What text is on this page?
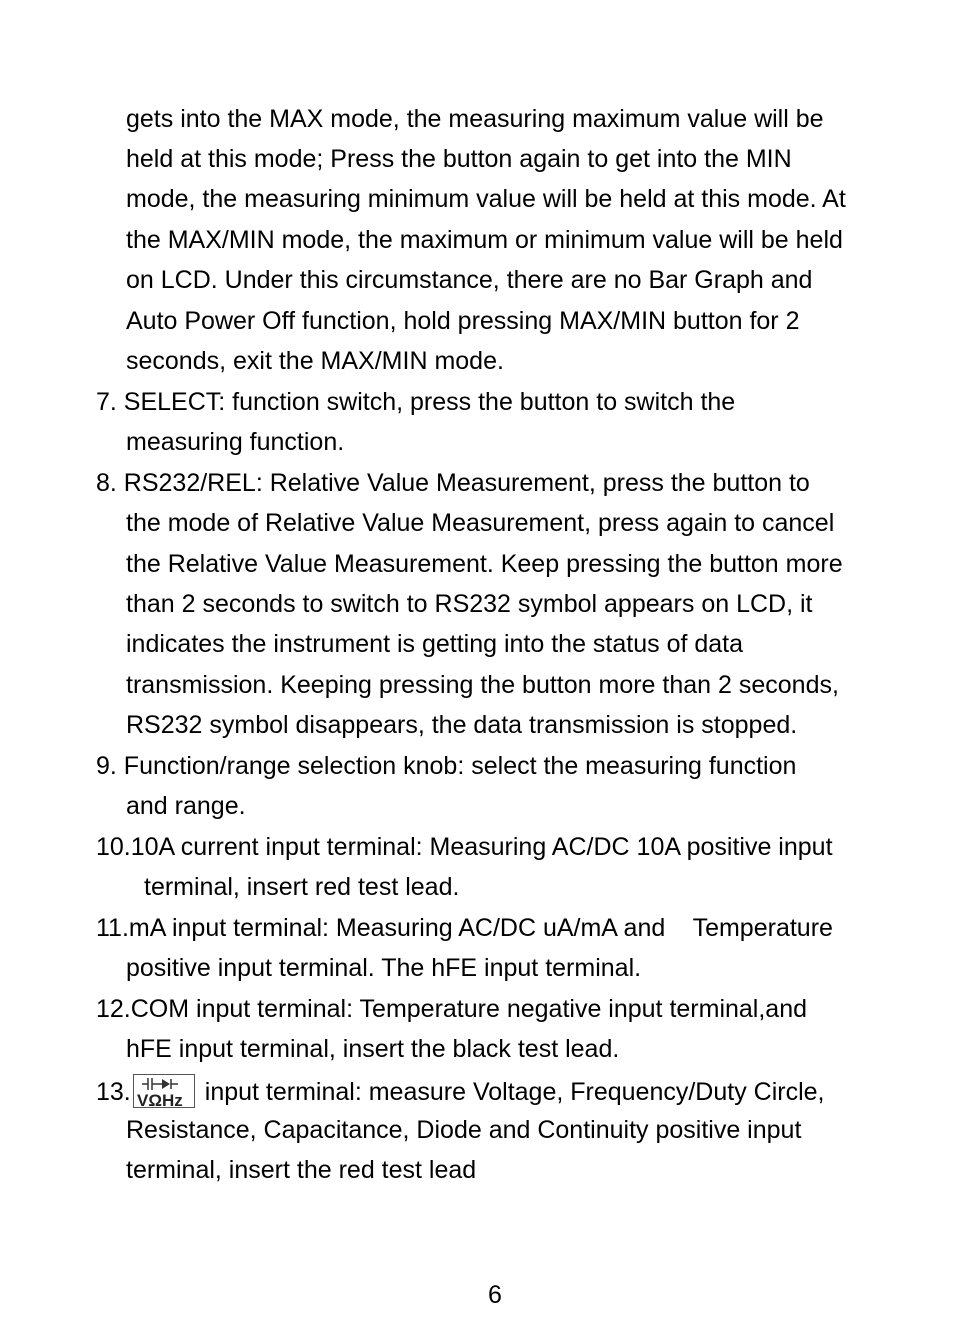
gets into the MAX mode, the measuring maximum value will be
held at this mode; Press the button again to get into the MIN
mode, the measuring minimum value will be held at this mode. At
the MAX/MIN mode, the maximum or minimum value will be held
on LCD. Under this circumstance, there are no Bar Graph and
Auto Power Off function, hold pressing MAX/MIN button for 2
seconds, exit the MAX/MIN mode.
7. SELECT: function switch, press the button to switch the
measuring function.
8. RS232/REL: Relative Value Measurement, press the button to
the mode of Relative Value Measurement, press again to cancel
the Relative Value Measurement. Keep pressing the button more
than 2 seconds to switch to RS232 symbol appears on LCD, it
indicates the instrument is getting into the status of data
transmission. Keeping pressing the button more than 2 seconds,
RS232 symbol disappears, the data transmission is stopped.
9. Function/range selection knob: select the measuring function
and range.
10.10A current input terminal: Measuring AC/DC 10A positive input
terminal, insert red test lead.
11.mA input terminal: Measuring AC/DC uA/mA and    Temperature
positive input terminal. The hFE input terminal.
12.COM input terminal: Temperature negative input terminal,and
hFE input terminal, insert the black test lead.
13. VΩHz input terminal: measure Voltage, Frequency/Duty Circle,
Resistance, Capacitance, Diode and Continuity positive input
terminal, insert the red test lead
6
